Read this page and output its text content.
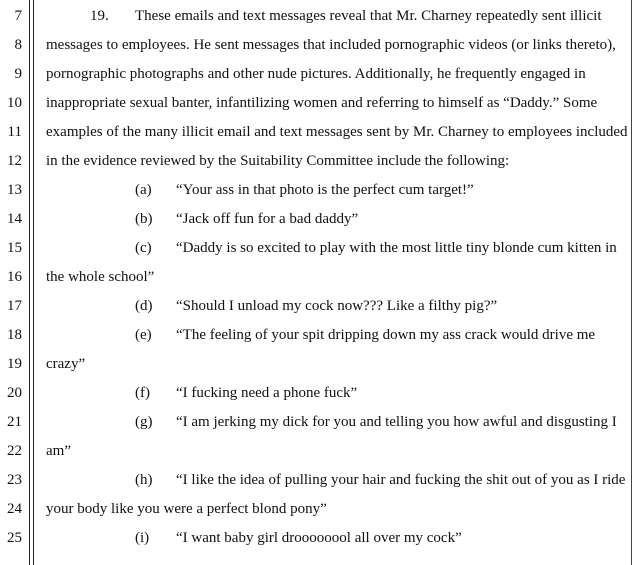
7	19. These emails and text messages reveal that Mr. Charney repeatedly sent illicit
8 messages to employees. He sent messages that included pornographic videos (or links thereto),
9 pornographic photographs and other nude pictures. Additionally, he frequently engaged in
10 inappropriate sexual banter, infantilizing women and referring to himself as “Daddy.” Some
11 examples of the many illicit email and text messages sent by Mr. Charney to employees included
12 in the evidence reviewed by the Suitability Committee include the following:
13	(a) “Your ass in that photo is the perfect cum target!”
14	(b) “Jack off fun for a bad daddy”
15	(c) “Daddy is so excited to play with the most little tiny blonde cum kitten in
16 the whole school”
17	(d) “Should I unload my cock now??? Like a filthy pig?”
18	(e) “The feeling of your spit dripping down my ass crack would drive me
19 crazy”
20	(f) “I fucking need a phone fuck”
21	(g) “I am jerking my dick for you and telling you how awful and disgusting I
22 am”
23	(h) “I like the idea of pulling your hair and fucking the shit out of you as I ride
24 your body like you were a perfect blond pony”
25	(i) “I want baby girl droooooool all over my cock”
